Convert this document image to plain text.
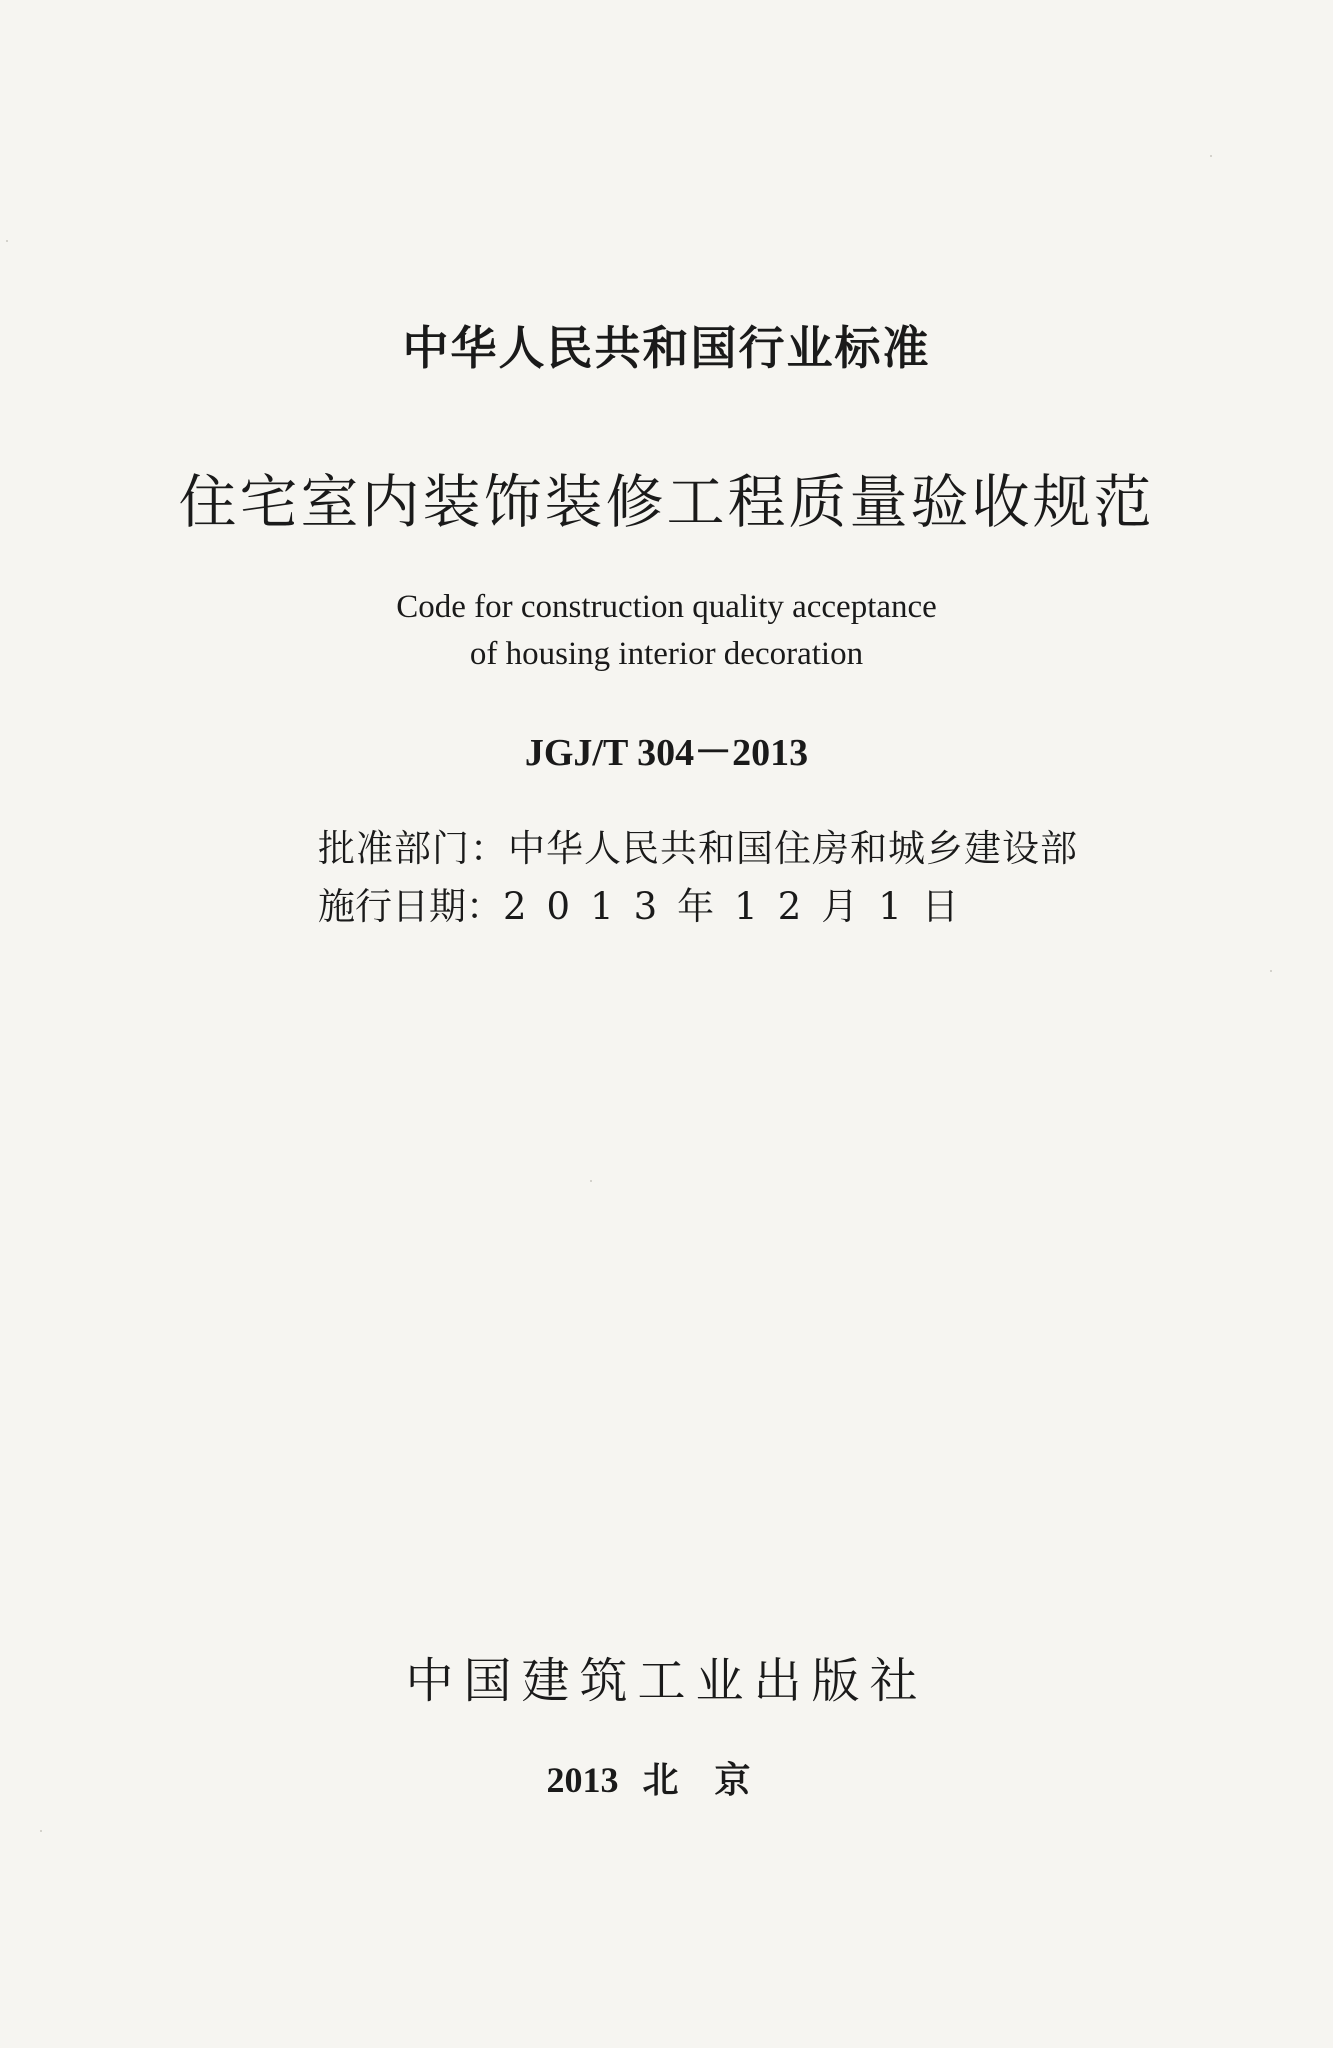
中华人民共和国行业标准
住宅室内装饰装修工程质量验收规范
Code for construction quality acceptance
of housing interior decoration
JGJ/T 304－2013
批准部门：中华人民共和国住房和城乡建设部
施行日期：2013年12月1日
中国建筑工业出版社
2013 北京
